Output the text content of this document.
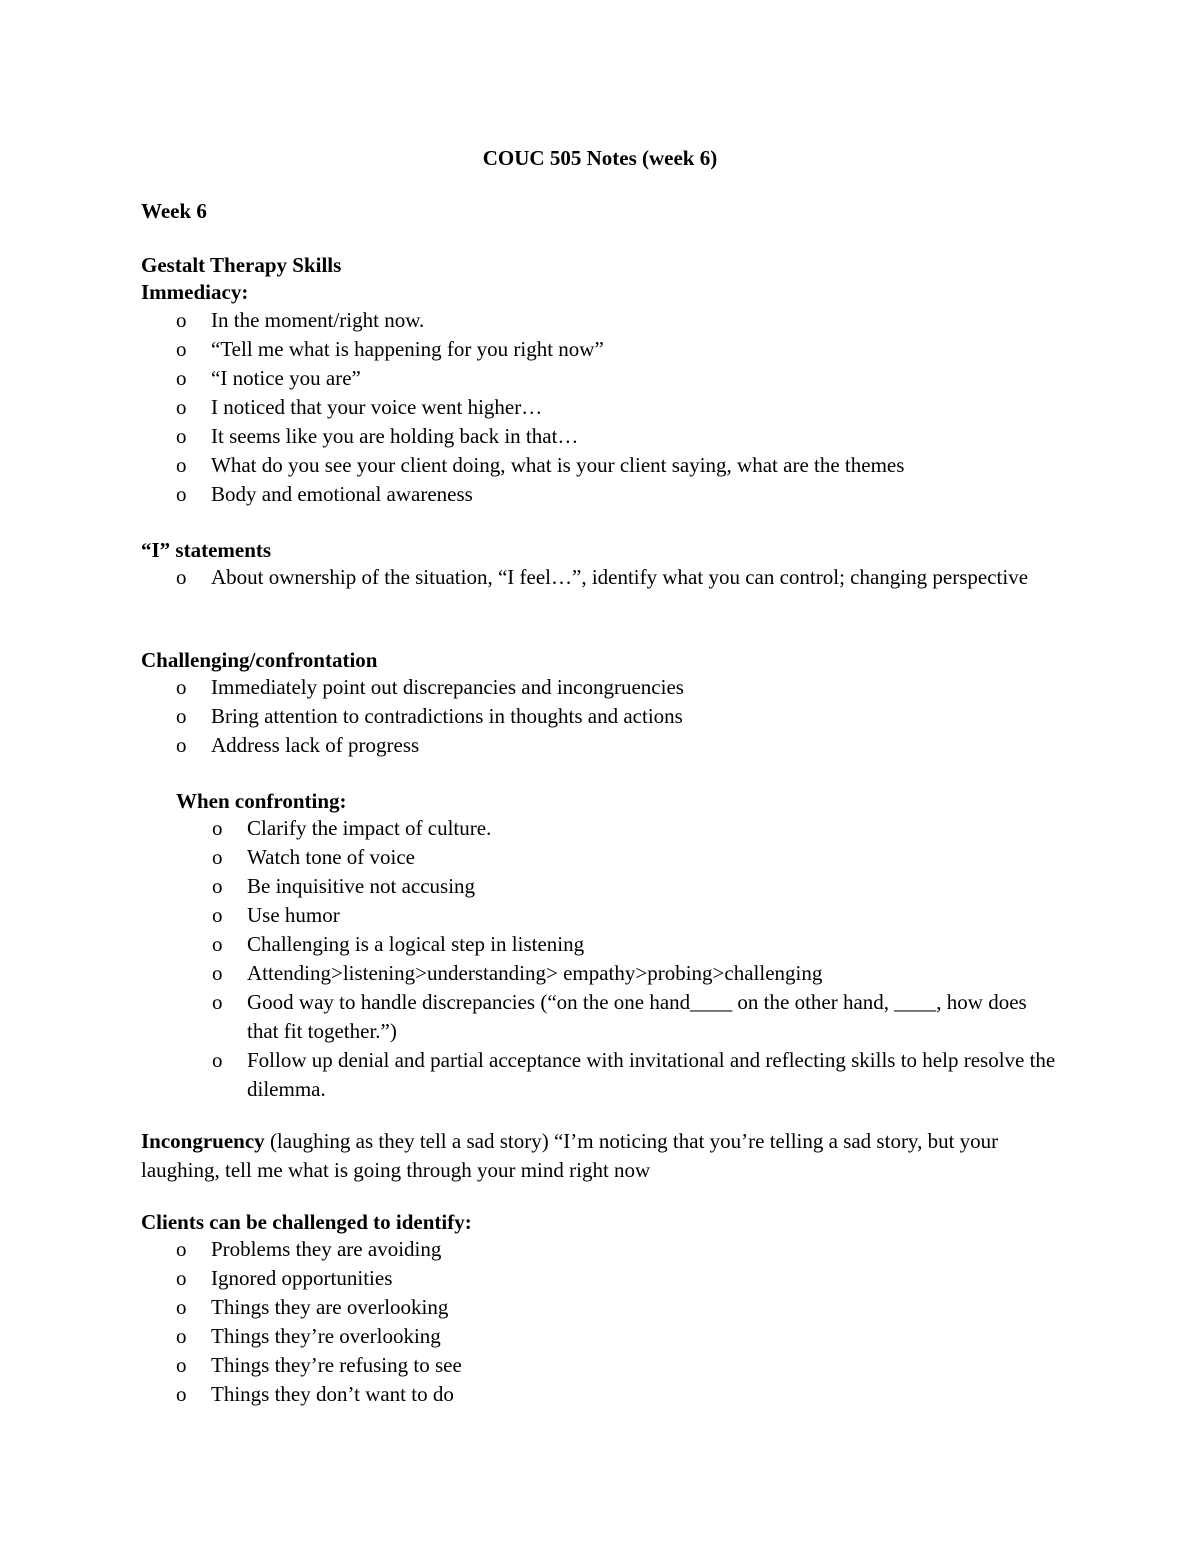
COUC 505 Notes (week 6)
Week 6
Gestalt Therapy Skills
Immediacy:
o In the moment/right now.
o “Tell me what is happening for you right now”
o “I notice you are”
o I noticed that your voice went higher…
o It seems like you are holding back in that…
o What do you see your client doing, what is your client saying, what are the themes
o Body and emotional awareness
“I” statements
o About ownership of the situation, “I feel…”, identify what you can control; changing perspective
Challenging/confrontation
o Immediately point out discrepancies and incongruencies
o Bring attention to contradictions in thoughts and actions
o Address lack of progress
When confronting:
o Clarify the impact of culture.
o Watch tone of voice
o Be inquisitive not accusing
o Use humor
o Challenging is a logical step in listening
o Attending>listening>understanding> empathy>probing>challenging
o Good way to handle discrepancies (“on the one hand____ on the other hand, ____, how does that fit together.”)
o Follow up denial and partial acceptance with invitational and reflecting skills to help resolve the dilemma.
Incongruency (laughing as they tell a sad story) “I’m noticing that you’re telling a sad story, but your laughing, tell me what is going through your mind right now
Clients can be challenged to identify:
o Problems they are avoiding
o Ignored opportunities
o Things they are overlooking
o Things they’re overlooking
o Things they’re refusing to see
o Things they don’t want to do
